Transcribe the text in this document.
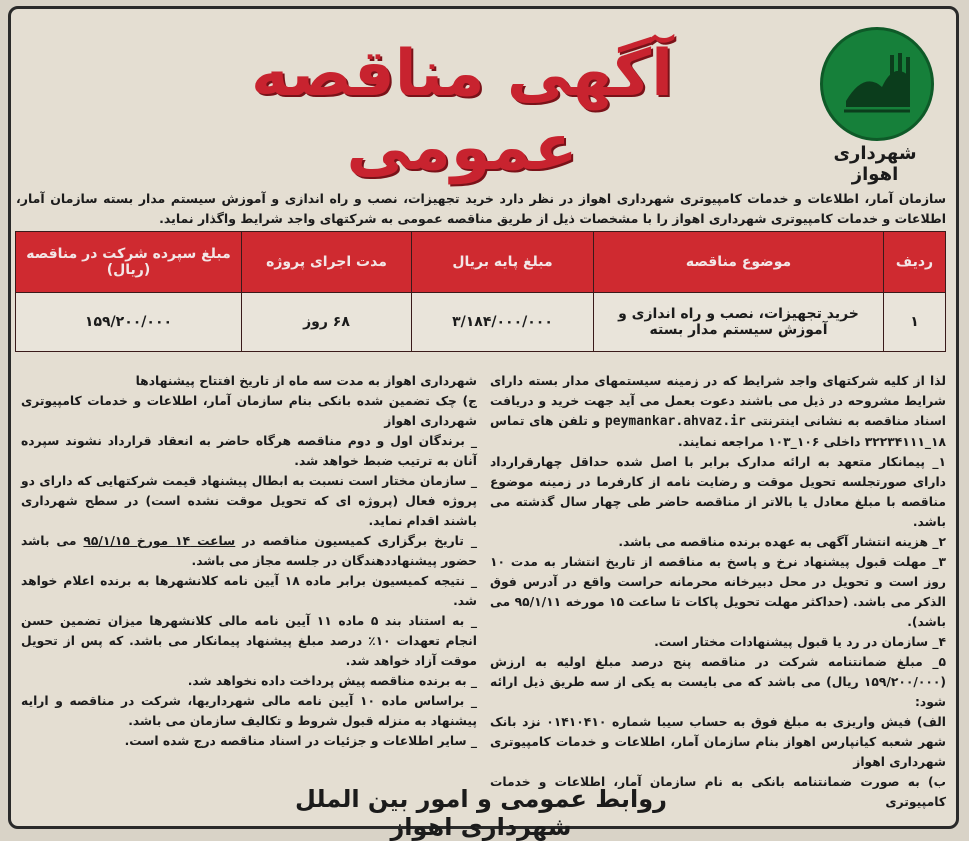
شهرداری اهواز
آگهی مناقصه عمومی
سازمان آمار، اطلاعات و خدمات کامپیوتری شهرداری اهواز در نظر دارد خرید تجهیزات، نصب و راه اندازی و آموزش سیستم مدار بسته سازمان آمار، اطلاعات و خدمات کامپیوتری شهرداری اهواز را با مشخصات ذیل از طریق مناقصه عمومی به شرکتهای واجد شرایط واگذار نماید.
ردیف	موضوع مناقصه	مبلغ پایه بریال	مدت اجرای پروژه	مبلغ سپرده شرکت در مناقصه (ریال)
۱	خرید تجهیزات، نصب و راه اندازی و آموزش سیستم مدار بسته	۳/۱۸۴/۰۰۰/۰۰۰	۶۸ روز	۱۵۹/۲۰۰/۰۰۰

لذا از کلیه شرکتهای واجد شرایط که در زمینه سیستمهای مدار بسته دارای شرایط مشروحه در ذیل می باشند دعوت بعمل می آید جهت خرید و دریافت اسناد مناقصه به نشانی اینترنتی peymankar.ahvaz.ir و تلفن های تماس ۱۸_۳۲۲۳۴۱۱۱ داخلی ۱۰۶_۱۰۳ مراجعه نمایند.

۱_ پیمانکار متعهد به ارائه مدارک برابر با اصل شده حداقل چهارقرارداد دارای صورتجلسه تحویل موقت و رضایت نامه از کارفرما در زمینه موضوع مناقصه با مبلغ معادل یا بالاتر از مناقصه حاضر طی چهار سال گذشته می باشد.

۲_ هزینه انتشار آگهی به عهده برنده مناقصه می باشد.

۳_ مهلت قبول پیشنهاد نرخ و پاسخ به مناقصه از تاریخ انتشار به مدت ۱۰ روز است و تحویل در محل دبیرخانه محرمانه حراست واقع در آدرس فوق الذکر می باشد. (حداکثر مهلت تحویل پاکات تا ساعت ۱۵ مورخه ۹۵/۱/۱۱ می باشد).

۴_ سازمان در رد یا قبول پیشنهادات مختار است.

۵_ مبلغ ضمانتنامه شرکت در مناقصه پنج درصد مبلغ اولیه به ارزش (۱۵۹/۲۰۰/۰۰۰ ریال) می باشد که می بایست به یکی از سه طریق ذیل ارائه شود:

الف) فیش واریزی به مبلغ فوق به حساب سیبا شماره ۰۱۴۱۰۴۱۰ نزد بانک شهر شعبه کیانپارس اهواز بنام سازمان آمار، اطلاعات و خدمات کامپیوتری شهرداری اهواز

ب) به صورت ضمانتنامه بانکی به نام سازمان آمار، اطلاعات و خدمات کامپیوتری

شهرداری اهواز به مدت سه ماه از تاریخ افتتاح پیشنهادها

ج) چک تضمین شده بانکی بنام سازمان آمار، اطلاعات و خدمات کامپیوتری شهرداری اهواز

_ برندگان اول و دوم مناقصه هرگاه حاضر به انعقاد قرارداد نشوند سپرده آنان به ترتیب ضبط خواهد شد.

_ سازمان مختار است نسبت به ابطال پیشنهاد قیمت شرکتهایی که دارای دو پروژه فعال (پروژه ای که تحویل موقت نشده است) در سطح شهرداری باشند اقدام نماید.

_ تاریخ برگزاری کمیسیون مناقصه در ساعت ۱۴ مورخ ۹۵/۱/۱۵ می باشد حضور پیشنهاددهندگان در جلسه مجاز می باشد.

_ نتیجه کمیسیون برابر ماده ۱۸ آیین نامه کلانشهرها به برنده اعلام خواهد شد.

_ به استناد بند ۵ ماده ۱۱ آیین نامه مالی کلانشهرها میزان تضمین حسن انجام تعهدات ۱۰٪ درصد مبلغ پیشنهاد پیمانکار می باشد. که پس از تحویل موقت آزاد خواهد شد.

_ به برنده مناقصه پیش پرداخت داده نخواهد شد.

_ براساس ماده ۱۰ آیین نامه مالی شهرداریها، شرکت در مناقصه و ارایه پیشنهاد به منزله قبول شروط و تکالیف سازمان می باشد.

_ سایر اطلاعات و جزئیات در اسناد مناقصه درج شده است.

روابط عمومی و امور بین الملل شهرداری اهواز
